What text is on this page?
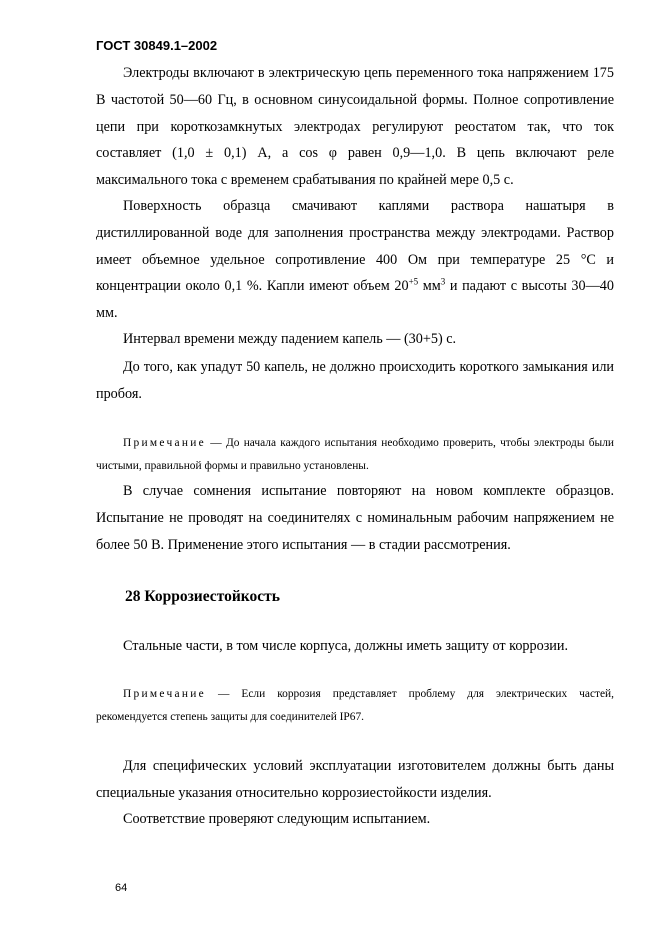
ГОСТ 30849.1–2002
Электроды включают в электрическую цепь переменного тока напряжением 175 В частотой 50—60 Гц, в основном синусоидальной формы. Полное сопротивление цепи при короткозамкнутых электродах регулируют реостатом так, что ток составляет (1,0 ± 0,1) А, а cos φ равен 0,9—1,0. В цепь включают реле максимального тока с временем срабатывания по крайней мере 0,5 с.
Поверхность образца смачивают каплями раствора нашатыря в дистиллированной воде для заполнения пространства между электродами. Раствор имеет объемное удельное сопротивление 400 Ом при температуре 25 °С и концентрации около 0,1 %. Капли имеют объем $20^{+5}$ $мм^3$ и падают с высоты 30—40 мм.
Интервал времени между падением капель — (30+5) с.
До того, как упадут 50 капель, не должно происходить короткого замыкания или пробоя.
Примечание — До начала каждого испытания необходимо проверить, чтобы электроды были чистыми, правильной формы и правильно установлены.
В случае сомнения испытание повторяют на новом комплекте образцов. Испытание не проводят на соединителях с номинальным рабочим напряжением не более 50 В. Применение этого испытания — в стадии рассмотрения.
28 Коррозиестойкость
Стальные части, в том числе корпуса, должны иметь защиту от коррозии.
Примечание — Если коррозия представляет проблему для электрических частей, рекомендуется степень защиты для соединителей IP67.
Для специфических условий эксплуатации изготовителем должны быть даны специальные указания относительно коррозиестойкости изделия.
Соответствие проверяют следующим испытанием.
64
